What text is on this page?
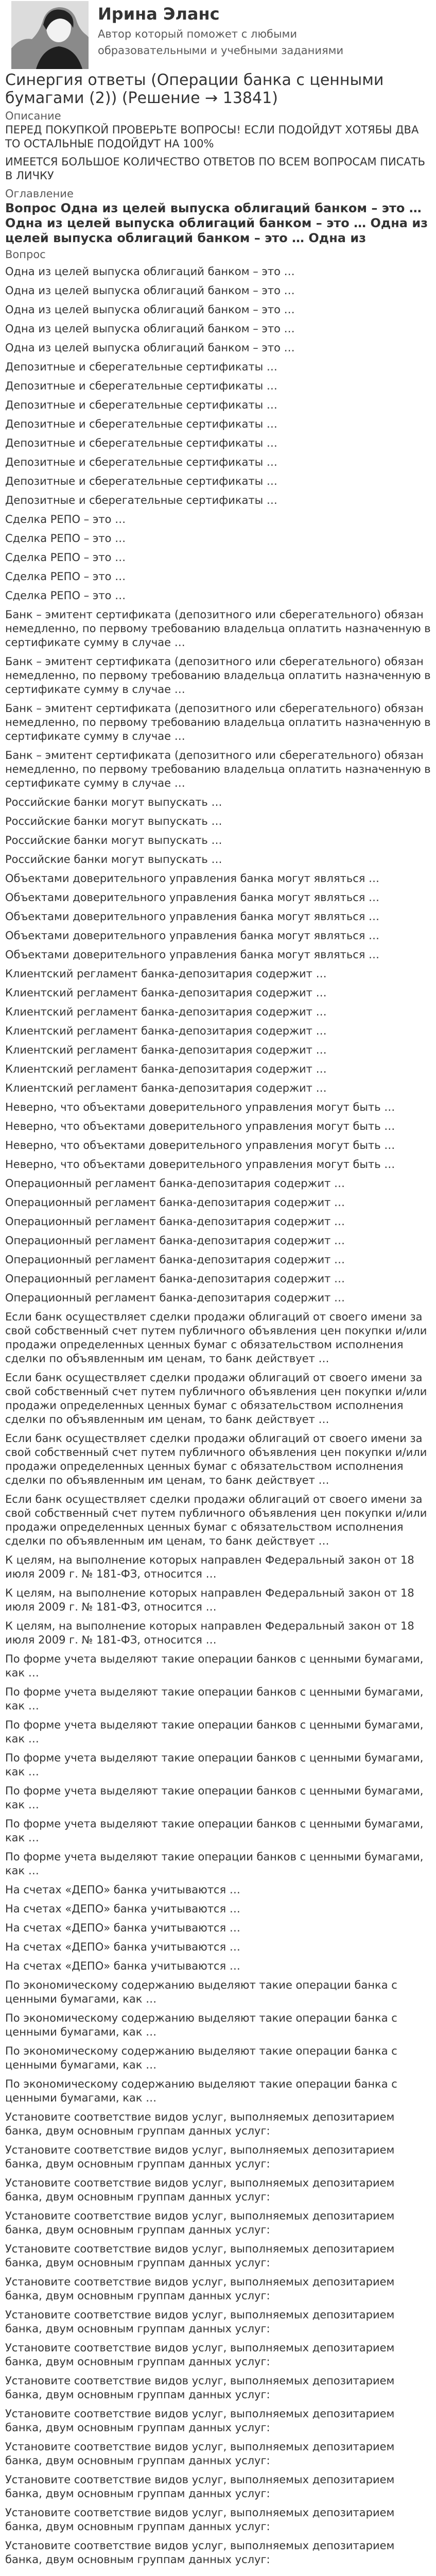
Ирина Эланс
Автор который поможет с любыми образовательными и учебными заданиями
Синергия ответы (Операции банка с ценными бумагами (2)) (Решение → 13841)
Описание

ПЕРЕД ПОКУПКОЙ ПРОВЕРЬТЕ ВОПРОСЫ! ЕСЛИ ПОДОЙДУТ ХОТЯБЫ ДВА ТО ОСТАЛЬНЫЕ ПОДОЙДУТ НА 100%

ИМЕЕТСЯ БОЛЬШОЕ КОЛИЧЕСТВО ОТВЕТОВ ПО ВСЕМ ВОПРОСАМ ПИСАТЬ В ЛИЧКУ

Оглавление
Вопрос Одна из целей выпуска облигаций банком – это … Одна из целей выпуска облигаций банком – это … Одна из целей выпуска облигаций банком – это … Одна из
Вопрос
Одна из целей выпуска облигаций банком – это …
Одна из целей выпуска облигаций банком – это …
Одна из целей выпуска облигаций банком – это …
Одна из целей выпуска облигаций банком – это …
Одна из целей выпуска облигаций банком – это …
Депозитные и сберегательные сертификаты …
Депозитные и сберегательные сертификаты …
Депозитные и сберегательные сертификаты …
Депозитные и сберегательные сертификаты …
Депозитные и сберегательные сертификаты …
Депозитные и сберегательные сертификаты …
Депозитные и сберегательные сертификаты …
Депозитные и сберегательные сертификаты …
Сделка РЕПО – это …
Сделка РЕПО – это …
Сделка РЕПО – это …
Сделка РЕПО – это …
Сделка РЕПО – это …
Банк – эмитент сертификата (депозитного или сберегательного) обязан немедленно, по первому требованию владельца оплатить назначенную в сертификате сумму в случае …
Банк – эмитент сертификата (депозитного или сберегательного) обязан немедленно, по первому требованию владельца оплатить назначенную в сертификате сумму в случае …
Банк – эмитент сертификата (депозитного или сберегательного) обязан немедленно, по первому требованию владельца оплатить назначенную в сертификате сумму в случае …
Банк – эмитент сертификата (депозитного или сберегательного) обязан немедленно, по первому требованию владельца оплатить назначенную в сертификате сумму в случае …
Российские банки могут выпускать …
Российские банки могут выпускать …
Российские банки могут выпускать …
Российские банки могут выпускать …
Объектами доверительного управления банка могут являться …
Объектами доверительного управления банка могут являться …
Объектами доверительного управления банка могут являться …
Объектами доверительного управления банка могут являться …
Объектами доверительного управления банка могут являться …
Клиентский регламент банка-депозитария содержит …
Клиентский регламент банка-депозитария содержит …
Клиентский регламент банка-депозитария содержит …
Клиентский регламент банка-депозитария содержит …
Клиентский регламент банка-депозитария содержит …
Клиентский регламент банка-депозитария содержит …
Клиентский регламент банка-депозитария содержит …
Неверно, что объектами доверительного управления могут быть …
Неверно, что объектами доверительного управления могут быть …
Неверно, что объектами доверительного управления могут быть …
Неверно, что объектами доверительного управления могут быть …
Операционный регламент банка-депозитария содержит …
Операционный регламент банка-депозитария содержит …
Операционный регламент банка-депозитария содержит …
Операционный регламент банка-депозитария содержит …
Операционный регламент банка-депозитария содержит …
Операционный регламент банка-депозитария содержит …
Операционный регламент банка-депозитария содержит …
Если банк осуществляет сделки продажи облигаций от своего имени за свой собственный счет путем публичного объявления цен покупки и/или продажи определенных ценных бумаг с обязательством исполнения сделки по объявленным им ценам, то банк действует …
Если банк осуществляет сделки продажи облигаций от своего имени за свой собственный счет путем публичного объявления цен покупки и/или продажи определенных ценных бумаг с обязательством исполнения сделки по объявленным им ценам, то банк действует …
Если банк осуществляет сделки продажи облигаций от своего имени за свой собственный счет путем публичного объявления цен покупки и/или продажи определенных ценных бумаг с обязательством исполнения сделки по объявленным им ценам, то банк действует …
Если банк осуществляет сделки продажи облигаций от своего имени за свой собственный счет путем публичного объявления цен покупки и/или продажи определенных ценных бумаг с обязательством исполнения сделки по объявленным им ценам, то банк действует …
К целям, на выполнение которых направлен Федеральный закон от 18 июля 2009 г. № 181-ФЗ, относится …
К целям, на выполнение которых направлен Федеральный закон от 18 июля 2009 г. № 181-ФЗ, относится …
К целям, на выполнение которых направлен Федеральный закон от 18 июля 2009 г. № 181-ФЗ, относится …
По форме учета выделяют такие операции банков с ценными бумагами, как …
По форме учета выделяют такие операции банков с ценными бумагами, как …
По форме учета выделяют такие операции банков с ценными бумагами, как …
По форме учета выделяют такие операции банков с ценными бумагами, как …
По форме учета выделяют такие операции банков с ценными бумагами, как …
По форме учета выделяют такие операции банков с ценными бумагами, как …
По форме учета выделяют такие операции банков с ценными бумагами, как …
На счетах «ДЕПО» банка учитываются …
На счетах «ДЕПО» банка учитываются …
На счетах «ДЕПО» банка учитываются …
На счетах «ДЕПО» банка учитываются …
На счетах «ДЕПО» банка учитываются …
По экономическому содержанию выделяют такие операции банка с ценными бумагами, как …
По экономическому содержанию выделяют такие операции банка с ценными бумагами, как …
По экономическому содержанию выделяют такие операции банка с ценными бумагами, как …
По экономическому содержанию выделяют такие операции банка с ценными бумагами, как …
Установите соответствие видов услуг, выполняемых депозитарием банка, двум основным группам данных услуг:
Установите соответствие видов услуг, выполняемых депозитарием банка, двум основным группам данных услуг:
Установите соответствие видов услуг, выполняемых депозитарием банка, двум основным группам данных услуг:
Установите соответствие видов услуг, выполняемых депозитарием банка, двум основным группам данных услуг:
Установите соответствие видов услуг, выполняемых депозитарием банка, двум основным группам данных услуг:
Установите соответствие видов услуг, выполняемых депозитарием банка, двум основным группам данных услуг:
Установите соответствие видов услуг, выполняемых депозитарием банка, двум основным группам данных услуг:
Установите соответствие видов услуг, выполняемых депозитарием банка, двум основным группам данных услуг:
Установите соответствие видов услуг, выполняемых депозитарием банка, двум основным группам данных услуг:
Установите соответствие видов услуг, выполняемых депозитарием банка, двум основным группам данных услуг:
Установите соответствие видов услуг, выполняемых депозитарием банка, двум основным группам данных услуг:
Установите соответствие видов услуг, выполняемых депозитарием банка, двум основным группам данных услуг:
Установите соответствие видов услуг, выполняемых депозитарием банка, двум основным группам данных услуг:
Установите соответствие видов услуг, выполняемых депозитарием банка, двум основным группам данных услуг:
